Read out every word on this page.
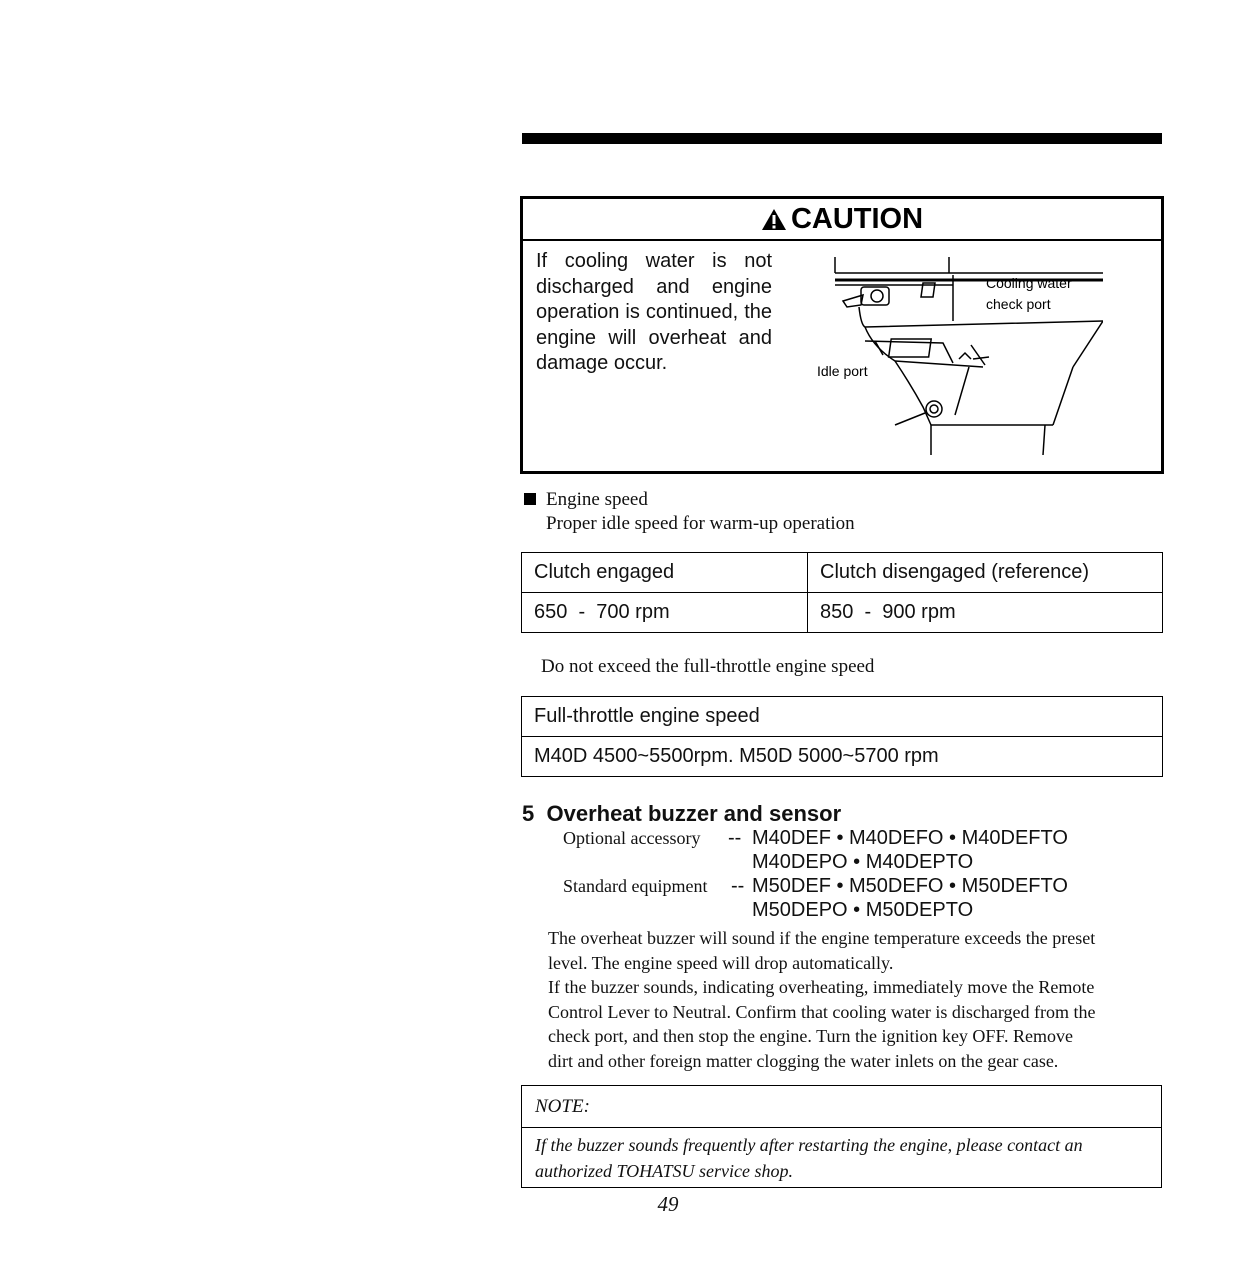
CAUTION
If cooling water is not discharged and engine operation is continued, the engine will overheat and damage occur.
Cooling water
check port
Idle port
Engine speed
Proper idle speed for warm-up operation
Clutch engaged	Clutch disengaged (reference)
650  -  700 rpm	850  -  900 rpm
Do not exceed the full-throttle engine speed
Full-throttle engine speed
M40D 4500~5500rpm. M50D 5000~5700 rpm
5 Overheat buzzer and sensor
Optional accessory -- M40DEF • M40DEFO • M40DEFTO
M40DEPO • M40DEPTO
Standard equipment -- M50DEF • M50DEFO • M50DEFTO
M50DEPO • M50DEPTO
The overheat buzzer will sound if the engine temperature exceeds the preset
level. The engine speed will drop automatically.
If the buzzer sounds, indicating overheating, immediately move the Remote
Control Lever to Neutral. Confirm that cooling water is discharged from the
check port, and then stop the engine. Turn the ignition key OFF. Remove
dirt and other foreign matter clogging the water inlets on the gear case.
NOTE:
If the buzzer sounds frequently after restarting the engine, please contact an authorized TOHATSU service shop.
49
